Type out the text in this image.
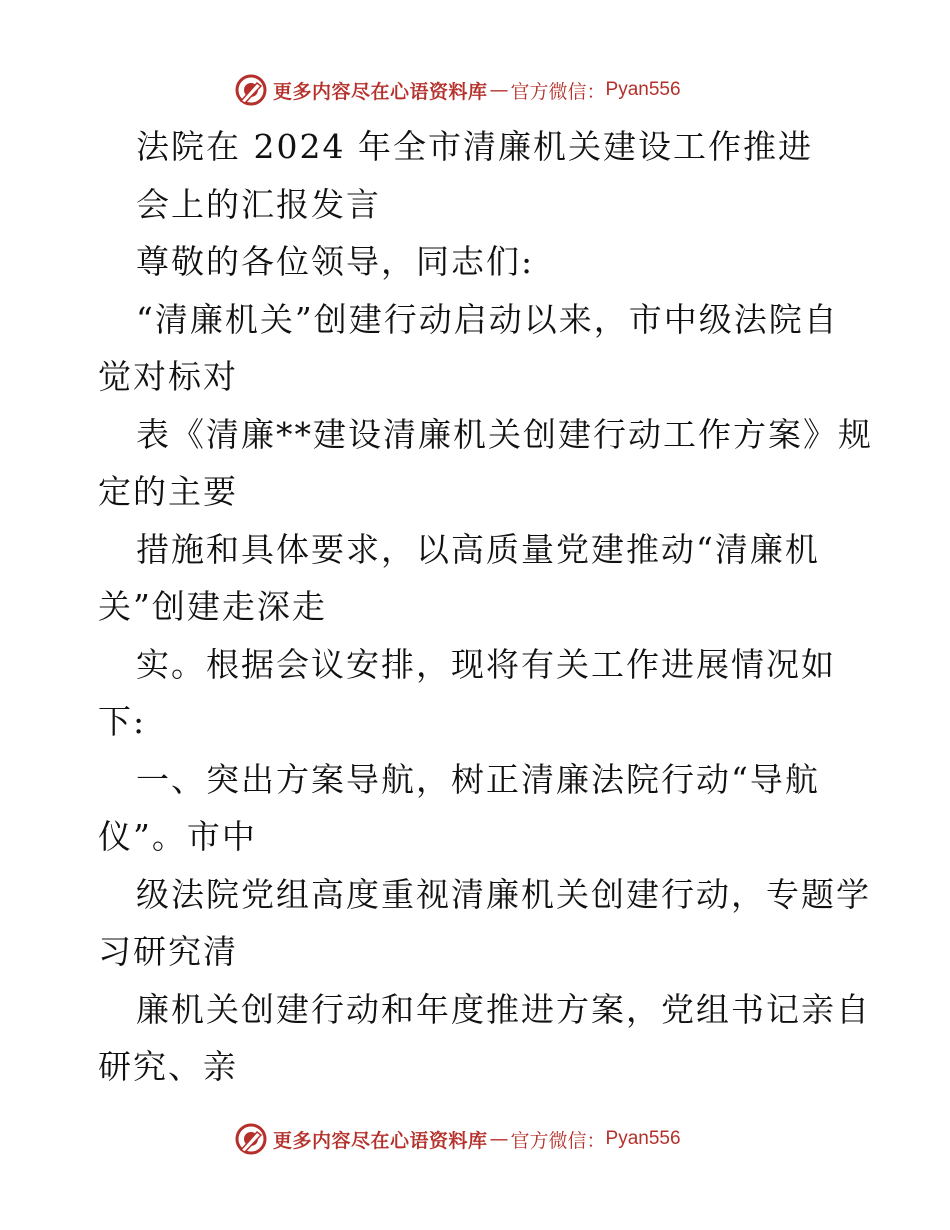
更多内容尽在心语资料库 — 官方微信： Pyan556
法院在 2024 年全市清廉机关建设工作推进
会上的汇报发言
尊敬的各位领导，同志们:
“清廉机关”创建行动启动以来，市中级法院自
觉对标对
表《清廉**建设清廉机关创建行动工作方案》规
定的主要
措施和具体要求，以高质量党建推动“清廉机
关”创建走深走
实。根据会议安排，现将有关工作进展情况如
下:
一、突出方案导航，树正清廉法院行动“导航
仪”。市中
级法院党组高度重视清廉机关创建行动，专题学
习研究清
廉机关创建行动和年度推进方案，党组书记亲自
研究、亲
更多内容尽在心语资料库 — 官方微信： Pyan556
